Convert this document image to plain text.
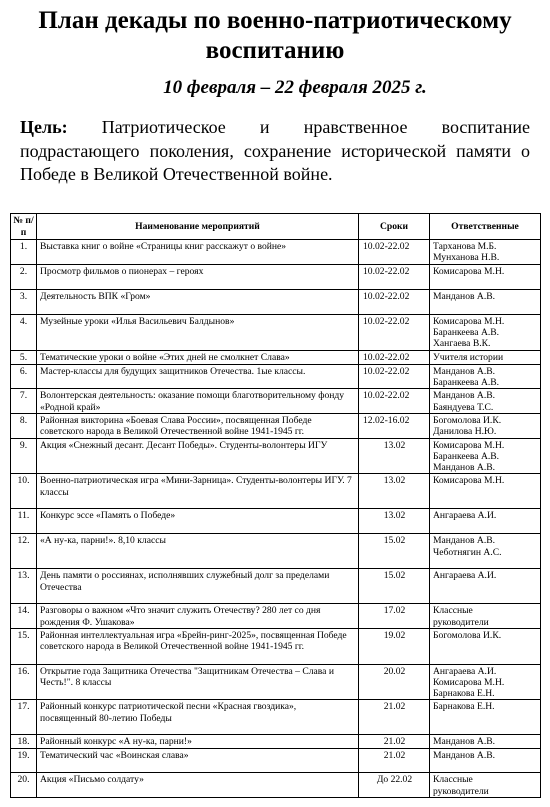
План декады по военно-патриотическому воспитанию
10 февраля – 22 февраля 2025 г.
Цель: Патриотическое и нравственное воспитание подрастающего поколения, сохранение исторической памяти о Победе в Великой Отечественной войне.
№ п/п	Наименование мероприятий	Сроки	Ответственные
1.	Выставка книг о войне «Страницы книг расскажут о войне»	10.02-22.02	Тарханова М.Б.
Мунханова Н.В.

2.	Просмотр фильмов о пионерах – героях	10.02-22.02	Комисарова М.Н.

3.	Деятельность ВПК «Гром»	10.02-22.02	Манданов А.В.

4.	Музейные уроки «Илья Васильевич Балдынов»	10.02-22.02	Комисарова М.Н.
Баранкеева А.В.
Хангаева В.К.

5.	Тематические уроки о войне «Этих дней не смолкнет Слава»	10.02-22.02	Учителя истории

6.	Мастер-классы для будущих защитников Отечества. 1ые классы.	10.02-22.02	Манданов А.В.
Баранкеева А.В.

7.	Волонтерская деятельность: оказание помощи благотворительному фонду «Родной край»	10.02-22.02	Манданов А.В.
Баяндуева Т.С.

8.	Районная викторина «Боевая Слава России», посвященная Победе советского народа в Великой Отечественной войне 1941-1945 гг.	12.02-16.02	Богомолова И.К.
Данилова Н.Ю.

9.	Акция «Снежный десант. Десант Победы». Студенты-волонтеры ИГУ	13.02	Комисарова М.Н.
Баранкеева А.В.
Манданов А.В.

10.	Военно-патриотическая игра «Мини-Зарница». Студенты-волонтеры ИГУ. 7 классы	13.02	Комисарова М.Н.

11.	Конкурс эссе «Память о Победе»	13.02	Ангараева А.И.

12.	«А ну-ка, парни!». 8,10 классы	15.02	Манданов А.В.
Чеботнягин А.С.

13.	День памяти о россиянах, исполнявших служебный долг за пределами Отечества	15.02	Ангараева А.И.

14.	Разговоры о важном «Что значит служить Отечеству? 280 лет со дня рождения Ф. Ушакова»	17.02	Классные
руководители

15.	Районная интеллектуальная игра «Брейн-ринг-2025», посвященная Победе советского народа в Великой Отечественной войне 1941-1945 гг.	19.02	Богомолова И.К.

16.	Открытие года Защитника Отечества "Защитникам Отечества – Слава и Честь!". 8 классы	20.02	Ангараева А.И.
Комисарова М.Н.
Барнакова Е.Н.

17.	Районный конкурс патриотической песни «Красная гвоздика», посвященный 80-летию Победы	21.02	Барнакова Е.Н.

18.	Районный конкурс «А ну-ка, парни!»	21.02	Манданов А.В.

19.	Тематический час «Воинская слава»	21.02	Манданов А.В.

20.	Акция «Письмо солдату»	До 22.02	Классные
руководители
